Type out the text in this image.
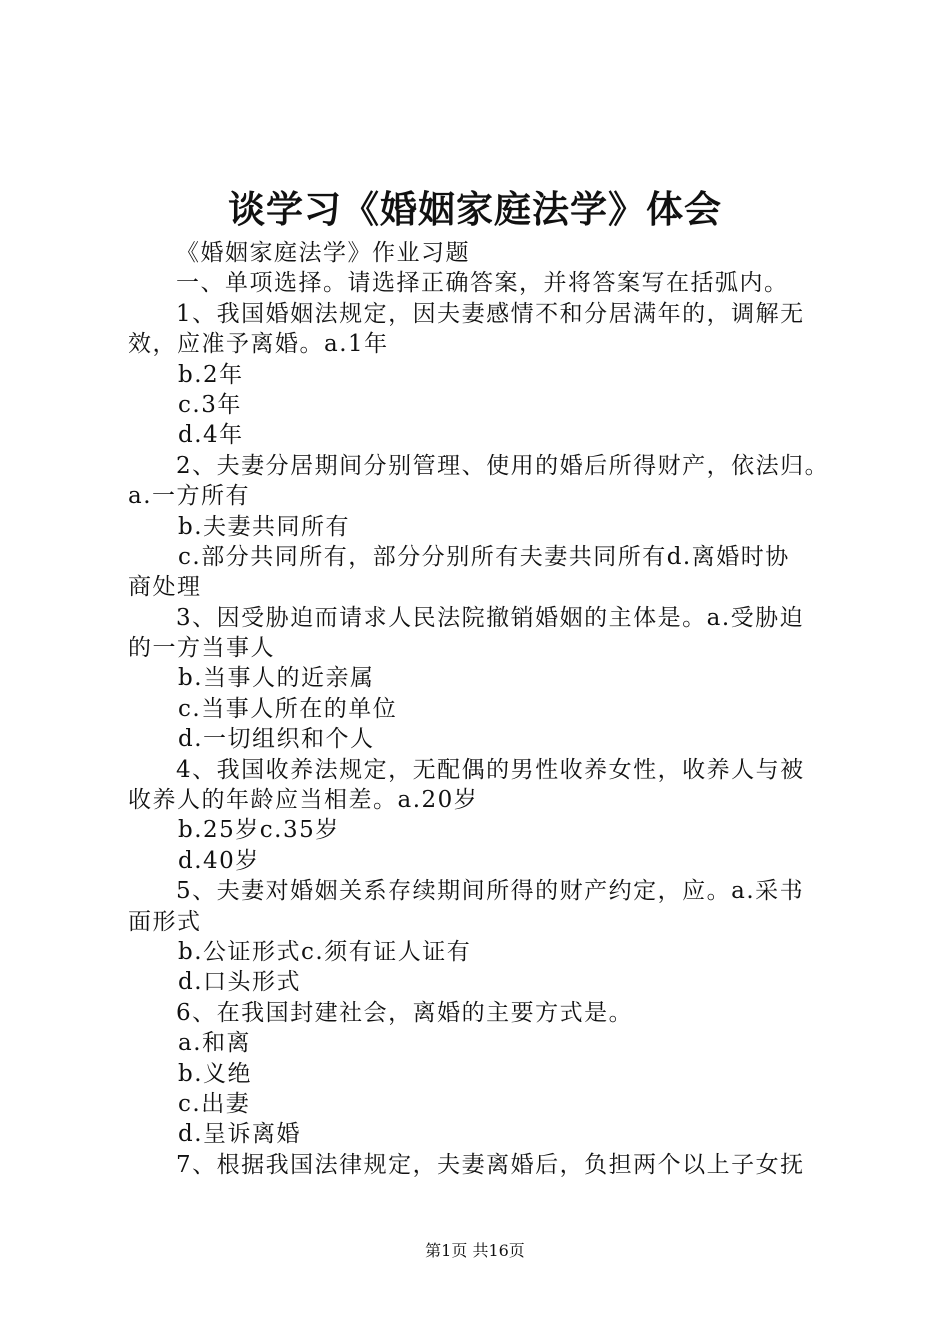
谈学习《婚姻家庭法学》体会
《婚姻家庭法学》作业习题
一、单项选择。请选择正确答案，并将答案写在括弧内。
1、我国婚姻法规定，因夫妻感情不和分居满年的，调解无
效，应准予离婚。a.1年
b.2年
c.3年
d.4年
2、夫妻分居期间分别管理、使用的婚后所得财产，依法归。
a.一方所有
b.夫妻共同所有
c.部分共同所有，部分分别所有夫妻共同所有d.离婚时协
商处理
3、因受胁迫而请求人民法院撤销婚姻的主体是。a.受胁迫
的一方当事人
b.当事人的近亲属
c.当事人所在的单位
d.一切组织和个人
4、我国收养法规定，无配偶的男性收养女性，收养人与被
收养人的年龄应当相差。a.20岁
b.25岁c.35岁
d.40岁
5、夫妻对婚姻关系存续期间所得的财产约定，应。a.采书
面形式
b.公证形式c.须有证人证有
d.口头形式
6、在我国封建社会，离婚的主要方式是。
a.和离
b.义绝
c.出妻
d.呈诉离婚
7、根据我国法律规定，夫妻离婚后，负担两个以上子女抚
第1页 共16页
